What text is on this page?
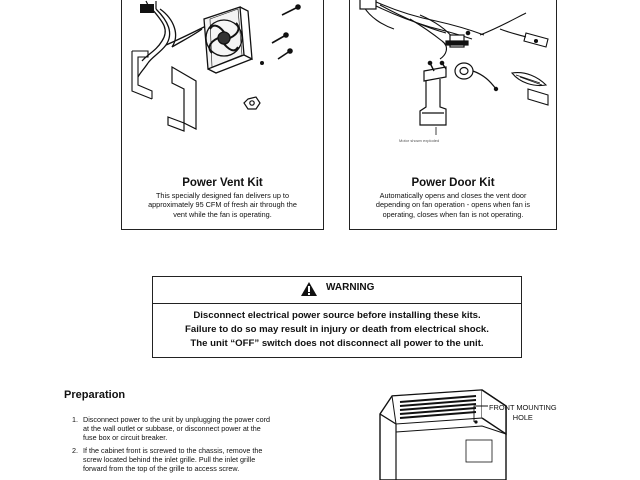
Power Vent Kit
This specially designed fan delivers up to
approximately 95 CFM of fresh air through the
vent while the fan is operating.
Motor shown exploded
Power Door Kit
Automatically opens and closes the vent door
depending on fan operation - opens when fan is
operating, closes when fan is not operating.
WARNING
Disconnect electrical power source before installing these kits.
Failure to do so may result in injury or death from electrical shock.
The unit “OFF” switch does not disconnect all power to the unit.
Preparation
1. Disconnect power to the unit by unplugging the power cord
at the wall outlet or subbase, or disconnect power at the
fuse box or circuit breaker.
2. If the cabinet front is screwed to the chassis, remove the
screw located behind the inlet grille. Pull the inlet grille
forward from the top of the grille to access screw.
FRONT MOUNTING
HOLE
